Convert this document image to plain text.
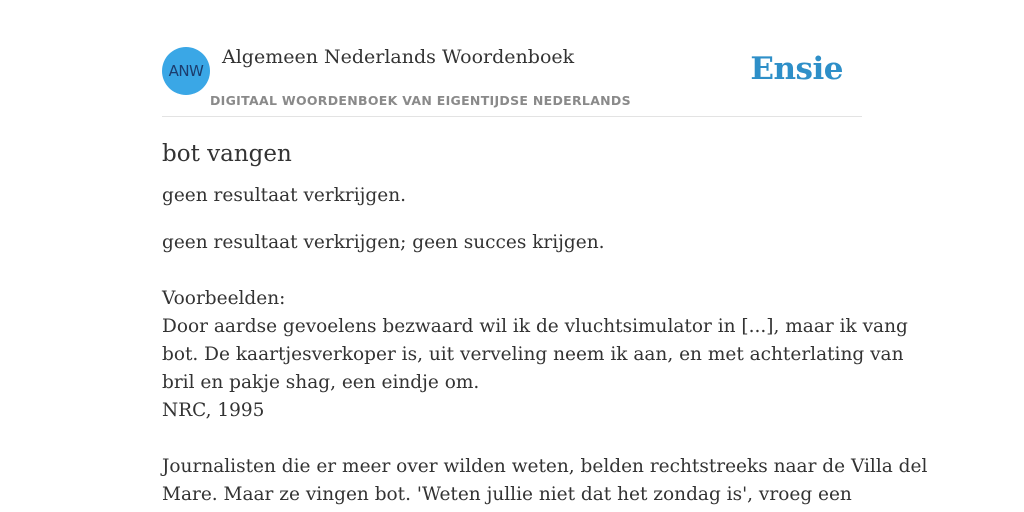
ANW
Algemeen Nederlands Woordenboek
DIGITAAL WOORDENBOEK VAN EIGENTIJDSE NEDERLANDS
Ensie
bot vangen

geen resultaat verkrijgen.

geen resultaat verkrijgen; geen succes krijgen.
Voorbeelden:
Door aardse gevoelens bezwaard wil ik de vluchtsimulator in [...], maar ik vang
bot. De kaartjesverkoper is, uit verveling neem ik aan, en met achterlating van
bril en pakje shag, een eindje om.
NRC, 1995
Journalisten die er meer over wilden weten, belden rechtstreeks naar de Villa del
Mare. Maar ze vingen bot. 'Weten jullie niet dat het zondag is', vroeg een
